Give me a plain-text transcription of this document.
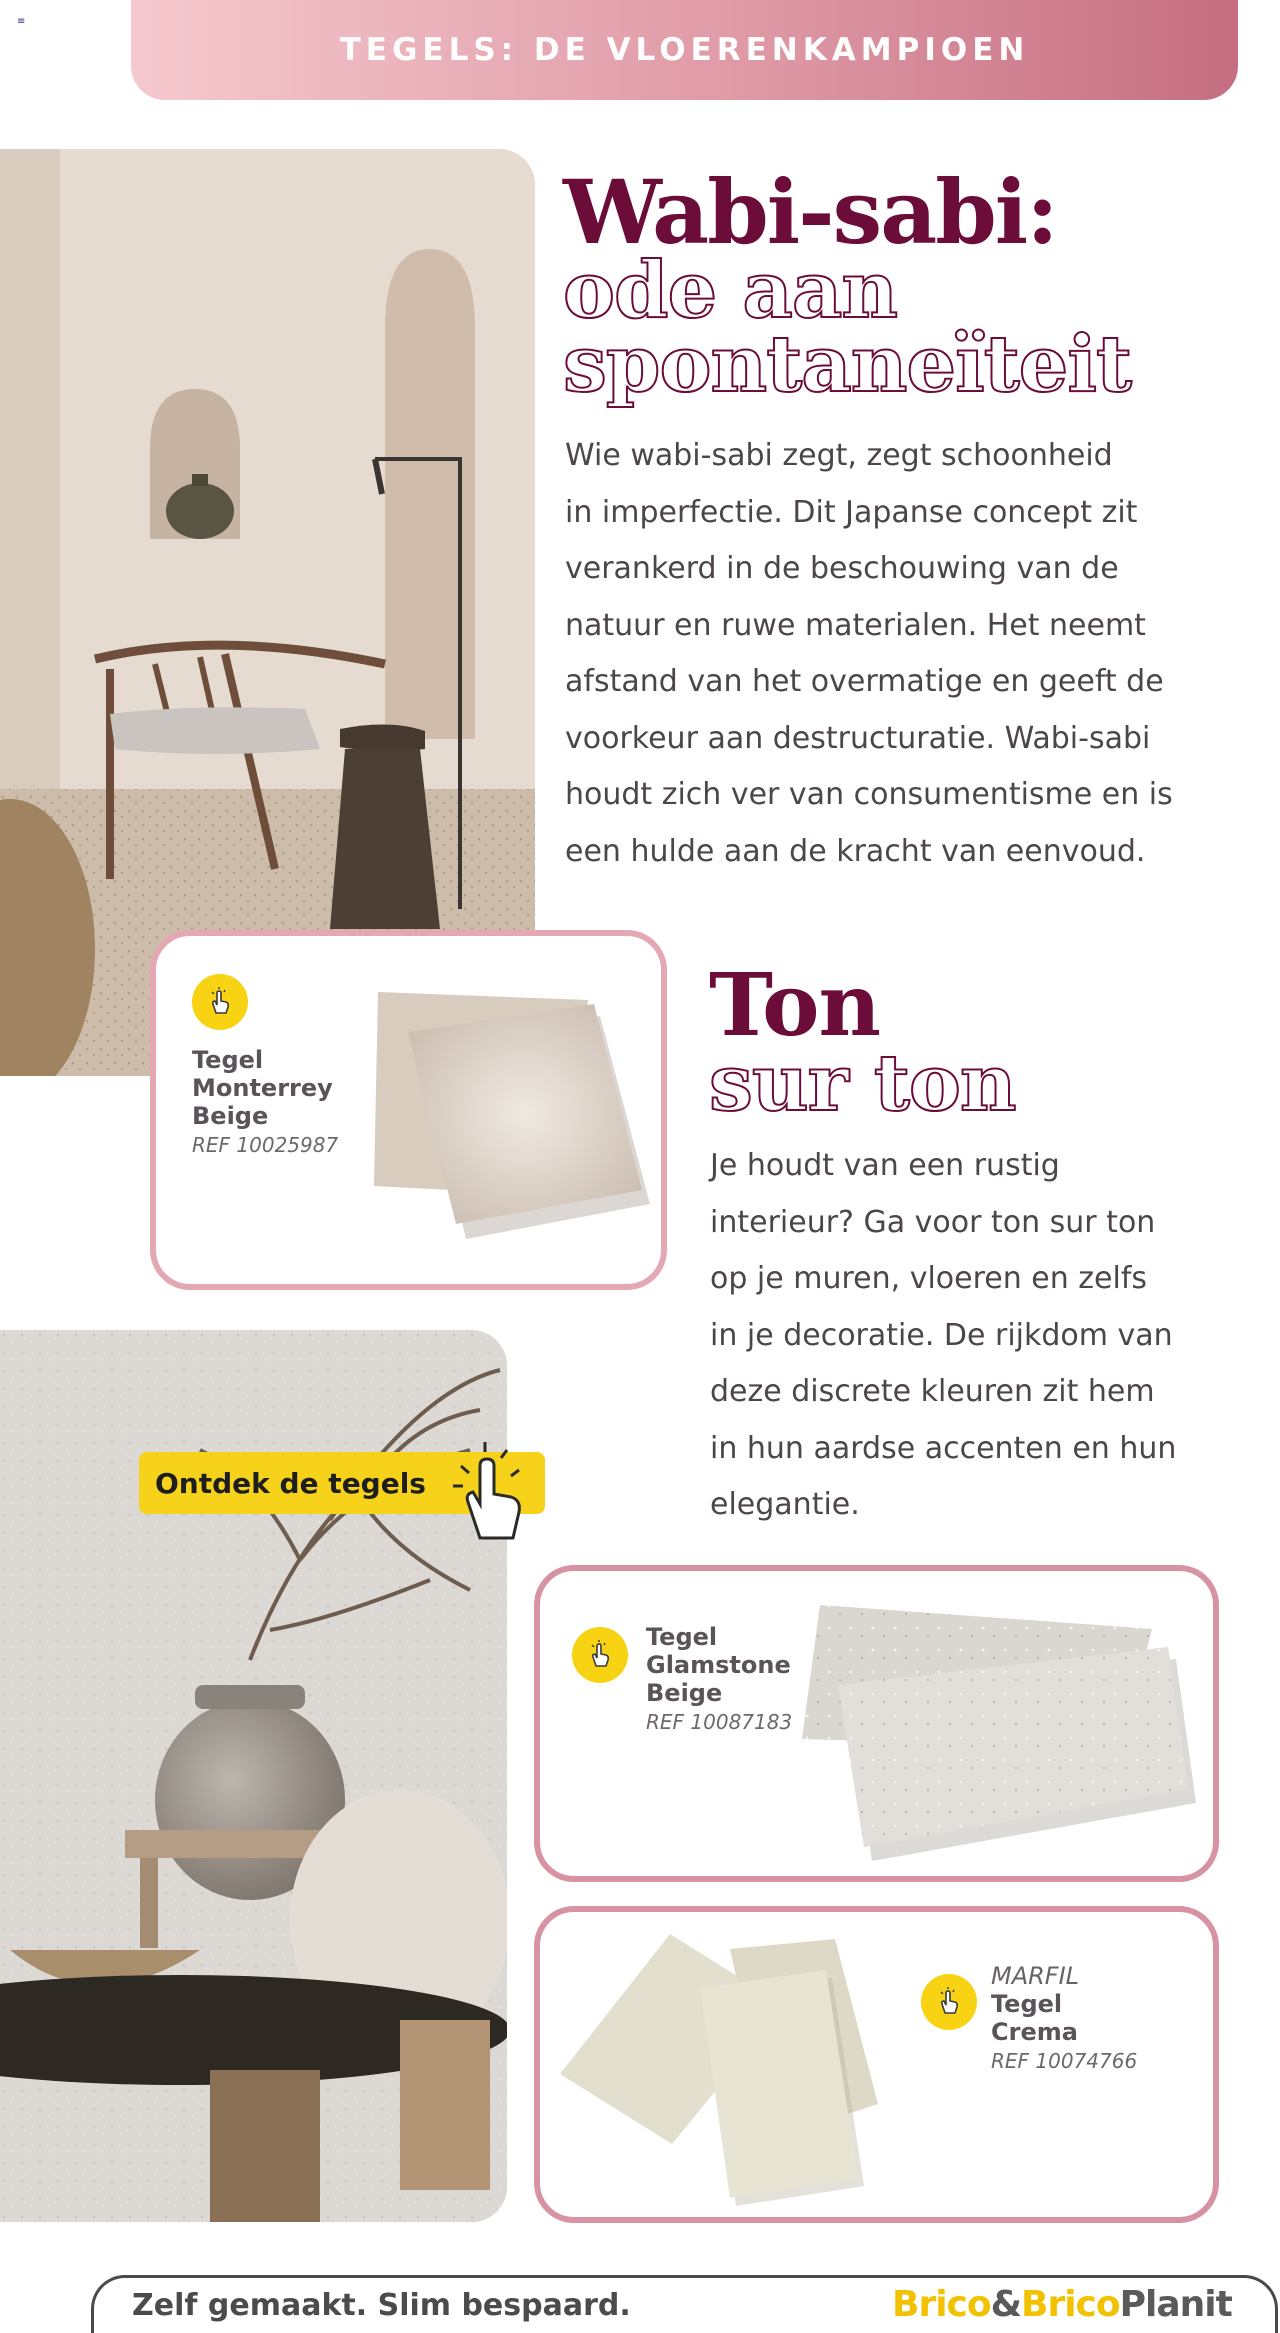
≡
TEGELS: DE VLOERENKAMPIOEN
Wabi-sabi:
ode aan
spontaneïteit
Wie wabi-sabi zegt, zegt schoonheid
in imperfectie. Dit Japanse concept zit
verankerd in de beschouwing van de
natuur en ruwe materialen. Het neemt
afstand van het overmatige en geeft de
voorkeur aan destructuratie. Wabi-sabi
houdt zich ver van consumentisme en is
een hulde aan de kracht van eenvoud.
Tegel
Monterrey
Beige
REF 10025987
Ton
sur ton
Je houdt van een rustig
interieur? Ga voor ton sur ton
op je muren, vloeren en zelfs
in je decoratie. De rijkdom van
deze discrete kleuren zit hem
in hun aardse accenten en hun
elegantie.
Ontdek de tegels
Tegel
Glamstone
Beige
REF 10087183
MARFIL
Tegel
Crema
REF 10074766
Zelf gemaakt. Slim bespaard.	Brico&BricoPlanit
